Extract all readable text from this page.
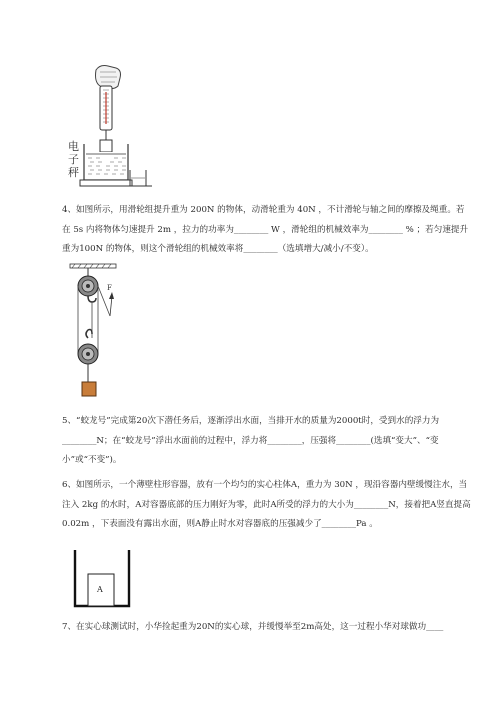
电
子
秤
4、如图所示，用滑轮组提升重为 200N 的物体，动滑轮重为 40N ，不计滑轮与轴之间的摩擦及绳重。若在 5s 内将物体匀速提升 2m ，拉力的功率为________ W ，滑轮组的机械效率为________ % ；若匀速提升重为100N 的物体，则这个滑轮组的机械效率将________（选填增大/减小/不变）。
F
5、“蛟龙号”完成第20次下潜任务后，逐渐浮出水面，当排开水的质量为2000t时，受到水的浮力为________N；在“蛟龙号”浮出水面前的过程中，浮力将________，压强将________(选填“变大”、“变小”或“不变”)。
6、如图所示，一个薄壁柱形容器，放有一个均匀的实心柱体A，重力为 30N ，现沿容器内壁缓慢注水，当注入 2kg 的水时，A对容器底部的压力刚好为零，此时A所受的浮力的大小为________N，接着把A竖直提高 0.02m ，下表面没有露出水面，则A静止时水对容器底的压强减少了________Pa 。
A
7、在实心球测试时，小华捡起重为20N的实心球，并缓慢举至2m高处，这一过程小华对球做功____
